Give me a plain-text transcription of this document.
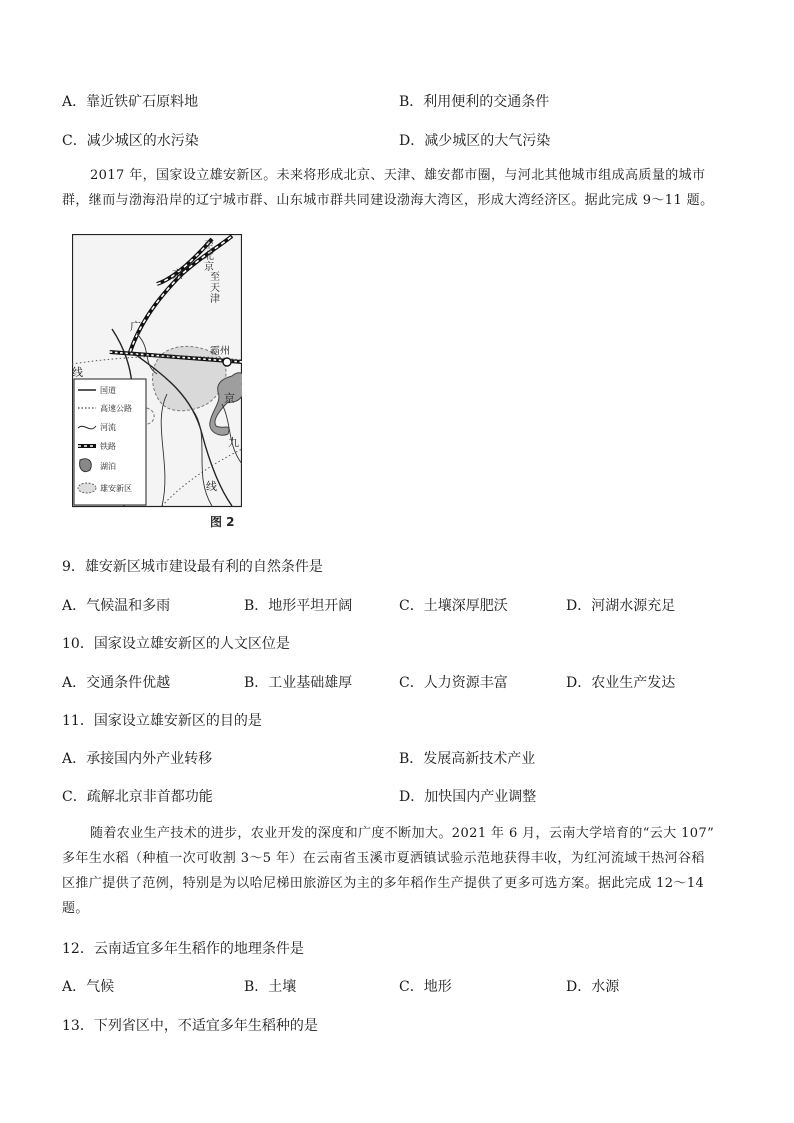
A．靠近铁矿石原料地	B．利用便利的交通条件
C．减少城区的水污染	D．减少城区的大气污染
2017 年，国家设立雄安新区。未来将形成北京、天津、雄安都市圈，与河北其他城市组成高质量的城市
群，继而与渤海沿岸的辽宁城市群、山东城市群共同建设渤海大湾区，形成大湾经济区。据此完成 9～11 题。
至
北
京
京
广
线
至
天
津
霸州
京
九
线
国道
高速公路
河流
铁路
湖泊
雄安新区
图 2
9．雄安新区城市建设最有利的自然条件是
A．气候温和多雨	B．地形平坦开阔	C．土壤深厚肥沃	D．河湖水源充足
10．国家设立雄安新区的人文区位是
A．交通条件优越	B．工业基础雄厚	C．人力资源丰富	D．农业生产发达
11．国家设立雄安新区的目的是
A．承接国内外产业转移	B．发展高新技术产业
C．疏解北京非首都功能	D．加快国内产业调整
随着农业生产技术的进步，农业开发的深度和广度不断加大。2021 年 6 月，云南大学培育的“云大 107”
多年生水稻（种植一次可收割 3～5 年）在云南省玉溪市夏洒镇试验示范地获得丰收，为红河流域干热河谷稻
区推广提供了范例，特别是为以哈尼梯田旅游区为主的多年稻作生产提供了更多可选方案。据此完成 12～14
题。
12．云南适宜多年生稻作的地理条件是
A．气候	B．土壤	C．地形	D．水源
13．下列省区中，不适宜多年生稻种的是
